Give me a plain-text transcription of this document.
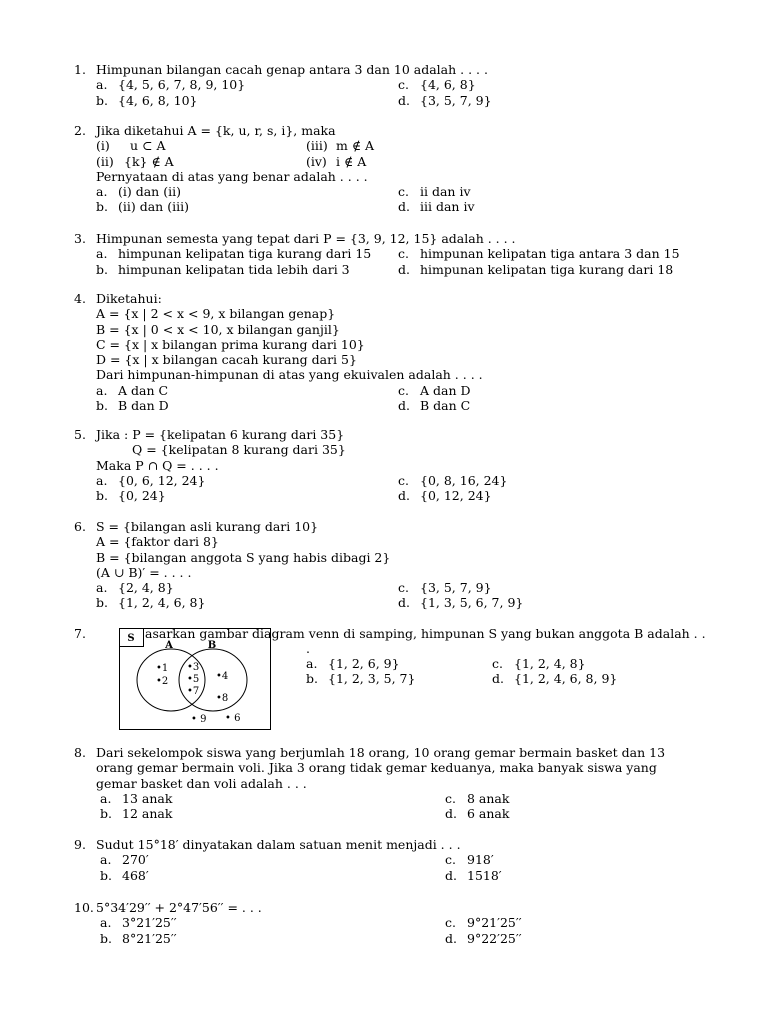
1. Himpunan bilangan cacah genap antara 3 dan 10 adalah . . . .
a. {4, 5, 6, 7, 8, 9, 10}	c. {4, 6, 8}
b. {4, 6, 8, 10}	d. {3, 5, 7, 9}
2. Jika diketahui A = {k, u, r, s, i}, maka
(i) u ⊂ A	(iii) m ∉ A
(ii) {k} ∉ A	(iv) i ∉ A
Pernyataan di atas yang benar adalah . . . .
a. (i) dan (ii)	c. ii dan iv
b. (ii) dan (iii)	d. iii dan iv
3. Himpunan semesta yang tepat dari P = {3, 9, 12, 15} adalah . . . .
a. himpunan kelipatan tiga kurang dari 15 c. himpunan kelipatan tiga antara 3 dan 15
b. himpunan kelipatan tida lebih dari 3	d. himpunan kelipatan tiga kurang dari 18
4. Diketahui:
A = {x | 2 < x < 9, x bilangan genap}
B = {x | 0 < x < 10, x bilangan ganjil}
C = {x | x bilangan prima kurang dari 10}
D = {x | x bilangan cacah kurang dari 5}
Dari himpunan-himpunan di atas yang ekuivalen adalah . . . .
a. A dan C	c. A dan D
b. B dan D	d. B dan C
5. Jika : P = {kelipatan 6 kurang dari 35}
Q = {kelipatan 8 kurang dari 35}
Maka P ∩ Q = . . . .
a. {0, 6, 12, 24}	c. {0, 8, 16, 24}
b. {0, 24}	d. {0, 12, 24}
6. S = {bilangan asli kurang dari 10}
A = {faktor dari 8}
B = {bilangan anggota S yang habis dibagi 2}
(A ∪ B)′ = . . . .
a. {2, 4, 8}	c. {3, 5, 7, 9}
b. {1, 2, 4, 6, 8}	d. {1, 3, 5, 6, 7, 9}
7.	asarkan gambar diagram venn di samping, himpunan S yang bukan anggota B adalah . .
.
S
A	B
•1
•2
•3
•5
•7
•4
•8
• 9 • 6
a. {1, 2, 6, 9}	c. {1, 2, 4, 8}
b. {1, 2, 3, 5, 7}	d. {1, 2, 4, 6, 8, 9}
8. Dari sekelompok siswa yang berjumlah 18 orang, 10 orang gemar bermain basket dan 13 orang gemar bermain voli. Jika 3 orang tidak gemar keduanya, maka banyak siswa yang gemar basket dan voli adalah . . .
a. 13 anak	c. 8 anak
b. 12 anak	d. 6 anak
9. Sudut 15°18′ dinyatakan dalam satuan menit menjadi . . .
a. 270′	c. 918′
b. 468′	d. 1518′
10. 5°34′29′′ + 2°47′56′′ = . . .
a. 3°21′25′′	c. 9°21′25′′
b. 8°21′25′′	d. 9°22′25′′
